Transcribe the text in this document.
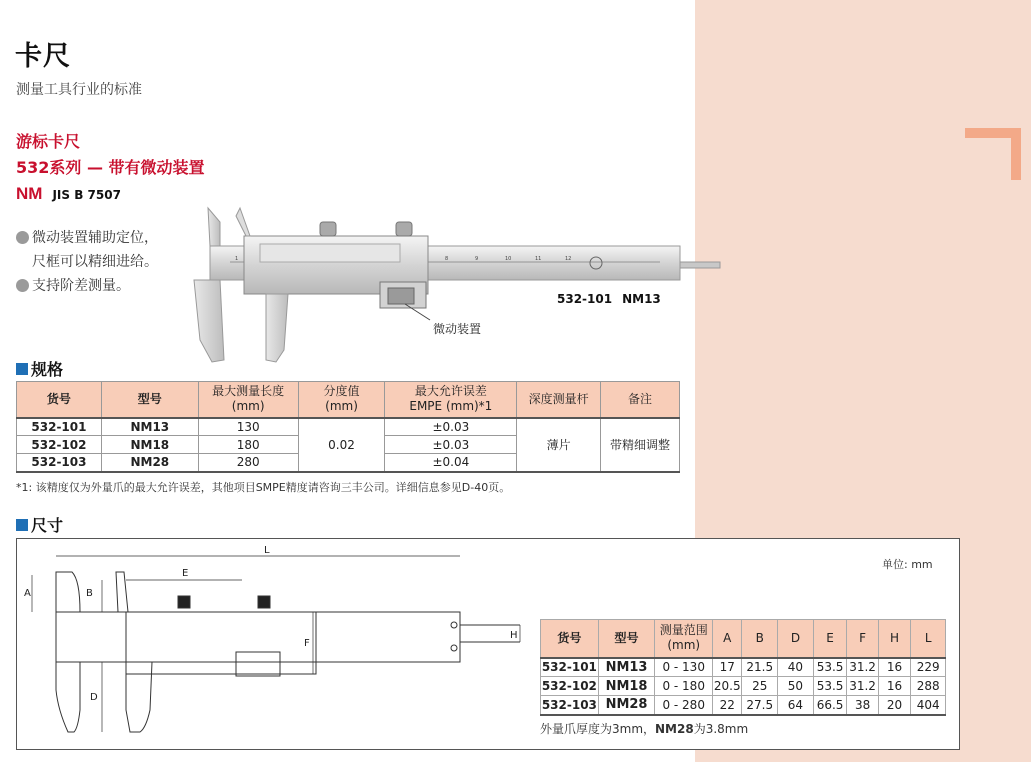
卡尺
测量工具行业的标准
游标卡尺
532系列 — 带有微动装置
NM JIS B 7507
微动装置辅助定位，
尺框可以精细进给。
支持阶差测量。
1	8	9	10	11	12
532-101 NM13
微动装置
规格
货号	型号	最大测量长度
(mm)	分度值
(mm)	最大允许误差
EMPE (mm)*1	深度测量杆	备注
532-101	NM13	130	0.02	±0.03	薄片	带精细调整
532-102	NM18	180		±0.03		
532-103	NM28	280		±0.04		
*1: 该精度仅为外量爪的最大允许误差，其他项目SMPE精度请咨询三丰公司。详细信息参见D-40页。
尺寸
单位: mm
L
E
A	B
D
F
H	货号	型号	测量范围
(mm)	A	B	D	E	F	H	L
532-101	NM13	0 - 130	17	21.5	40	53.5	31.2	16	229
532-102	NM18	0 - 180	20.5	25	50	53.5	31.2	16	288
532-103	NM28	0 - 280	22	27.5	64	66.5	38	20	404
外量爪厚度为3mm，NM28为3.8mm
